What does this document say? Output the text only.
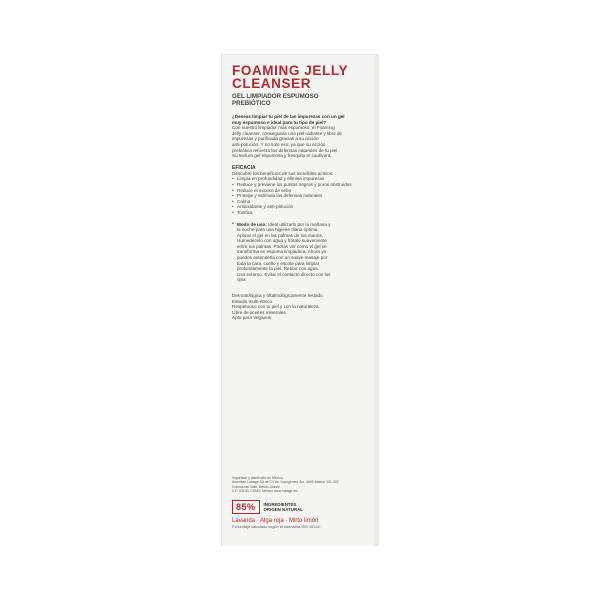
FOAMING JELLY
CLEANSER
GEL LIMPIADOR ESPUMOSO
PREBIÓTICO
¿Deseas limpiar tu piel de las impurezas con un gel
muy espumoso e ideal para tu tipo de piel?
Con nuestro limpiador más espumoso, el Foaming
Jelly cleanser, conseguirás una piel radiante y libre de
impurezas y purificada gracias a su acción
anti-polución. Y no solo eso, ya que su acción
prebiótica refuerza las defensas naturales de tu piel.
Su textura gel espumosa y fresquita te cautivará.
EFICACIA
Descubre los beneficios de sus increíbles activos:
• Limpia en profundidad y elimina impurezas
• Reduce y previene los puntos negros y poros obstruidos
• Reduce el exceso de sebo
• Protege y estimula las defensas naturales
• Calma
• Antioxidante y anti-polución
• Tonifica
• Modo de uso: Ideal utilizarlo por la mañana y
la noche para una higiene diaria óptima.
Aplicar el gel en las palmas de tus manos.
Humedécelo con agua y frótalo suavemente
entre tus palmas. Podrás ver como el gel se
transforma en espuma limpiadora. Ahora ya
puedes extenderla con un suave masaje por
toda la cara, cuello y escote para limpiar
profundamente la piel. Retirar con agua.
Uso externo. Evitar el contacto directo con los
ojos.
Dermatológica y oftalmológicamente testado.
Estudio multi-étnico.
Respetuoso con tu piel y con la naturaleza.
Libre de aceites minerales.
Apto para Veganos.
Importado y distribuido en México:
American Lubage SA de CV Av. Insurgentes Sur, #600 Interior 301-302
Colonia del Valle, Benito Juárez
C.P. 03100, CDMX, México www.lubage.mx
85%	INGREDIENTES
ORIGEN NATURAL
Lavanda · Alga roja · Mirto limón
Porcentaje calculado según la normativa ISO 16128.
